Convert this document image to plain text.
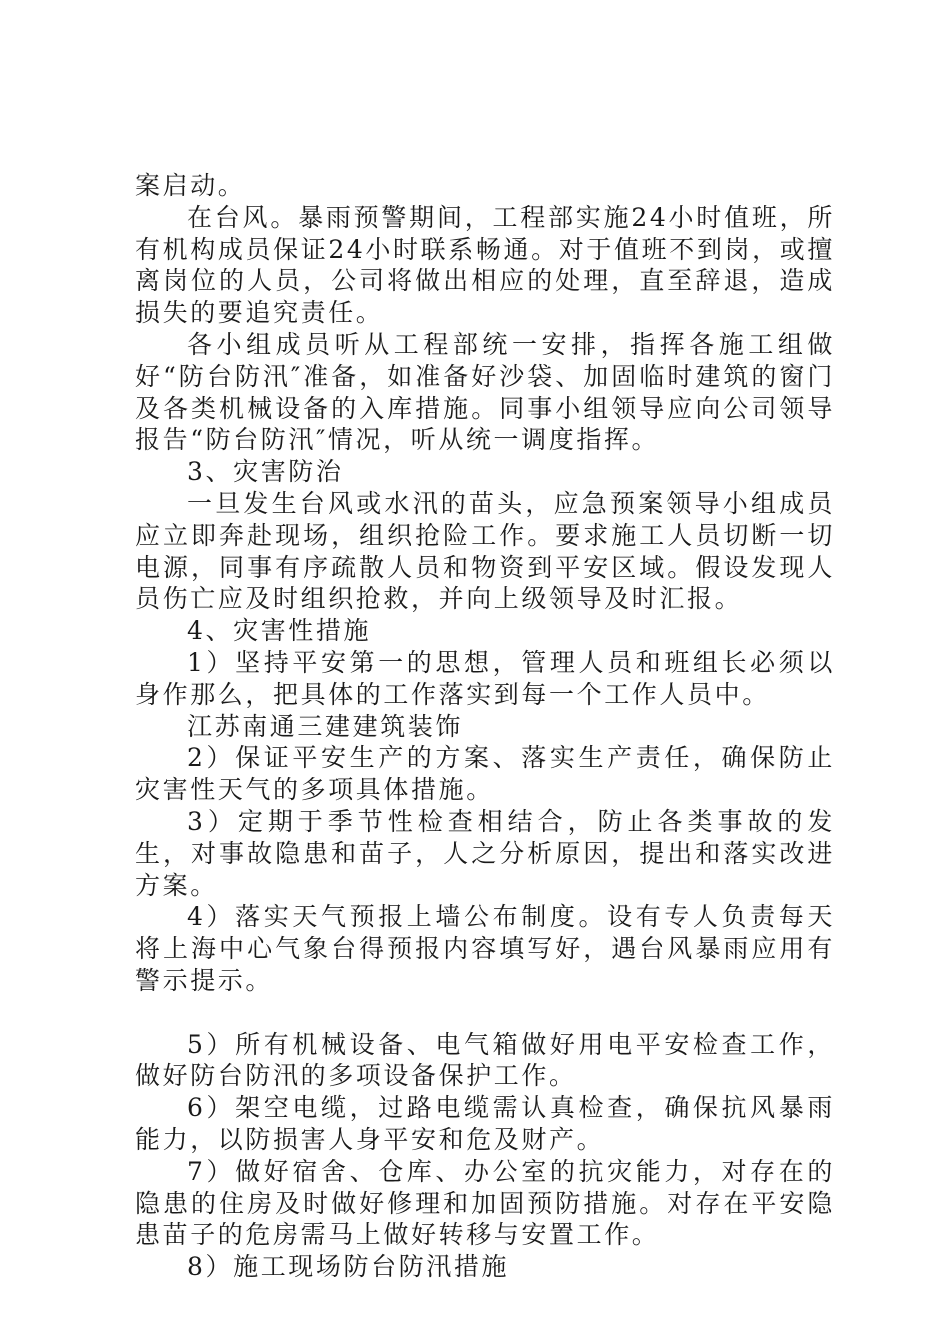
案启动。

在台风。暴雨预警期间，工程部实施24小时值班，所有机构成员保证24小时联系畅通。对于值班不到岗，或擅离岗位的人员，公司将做出相应的处理，直至辞退，造成损失的要追究责任。

各小组成员听从工程部统一安排，指挥各施工组做好“防台防汛″准备，如准备好沙袋、加固临时建筑的窗门及各类机械设备的入库措施。同事小组领导应向公司领导报告“防台防汛″情况，听从统一调度指挥。

3、灾害防治

一旦发生台风或水汛的苗头，应急预案领导小组成员应立即奔赴现场，组织抢险工作。要求施工人员切断一切电源，同事有序疏散人员和物资到平安区域。假设发现人员伤亡应及时组织抢救，并向上级领导及时汇报。

4、灾害性措施

1）坚持平安第一的思想，管理人员和班组长必须以身作那么，把具体的工作落实到每一个工作人员中。

江苏南通三建建筑装饰

2）保证平安生产的方案、落实生产责任，确保防止灾害性天气的多项具体措施。

3）定期于季节性检查相结合，防止各类事故的发生，对事故隐患和苗子，人之分析原因，提出和落实改进方案。

4）落实天气预报上墙公布制度。设有专人负责每天将上海中心气象台得预报内容填写好，遇台风暴雨应用有警示提示。

5）所有机械设备、电气箱做好用电平安检查工作，做好防台防汛的多项设备保护工作。

6）架空电缆，过路电缆需认真检查，确保抗风暴雨能力，以防损害人身平安和危及财产。

7）做好宿舍、仓库、办公室的抗灾能力，对存在的隐患的住房及时做好修理和加固预防措施。对存在平安隐患苗子的危房需马上做好转移与安置工作。

8）施工现场防台防汛措施
